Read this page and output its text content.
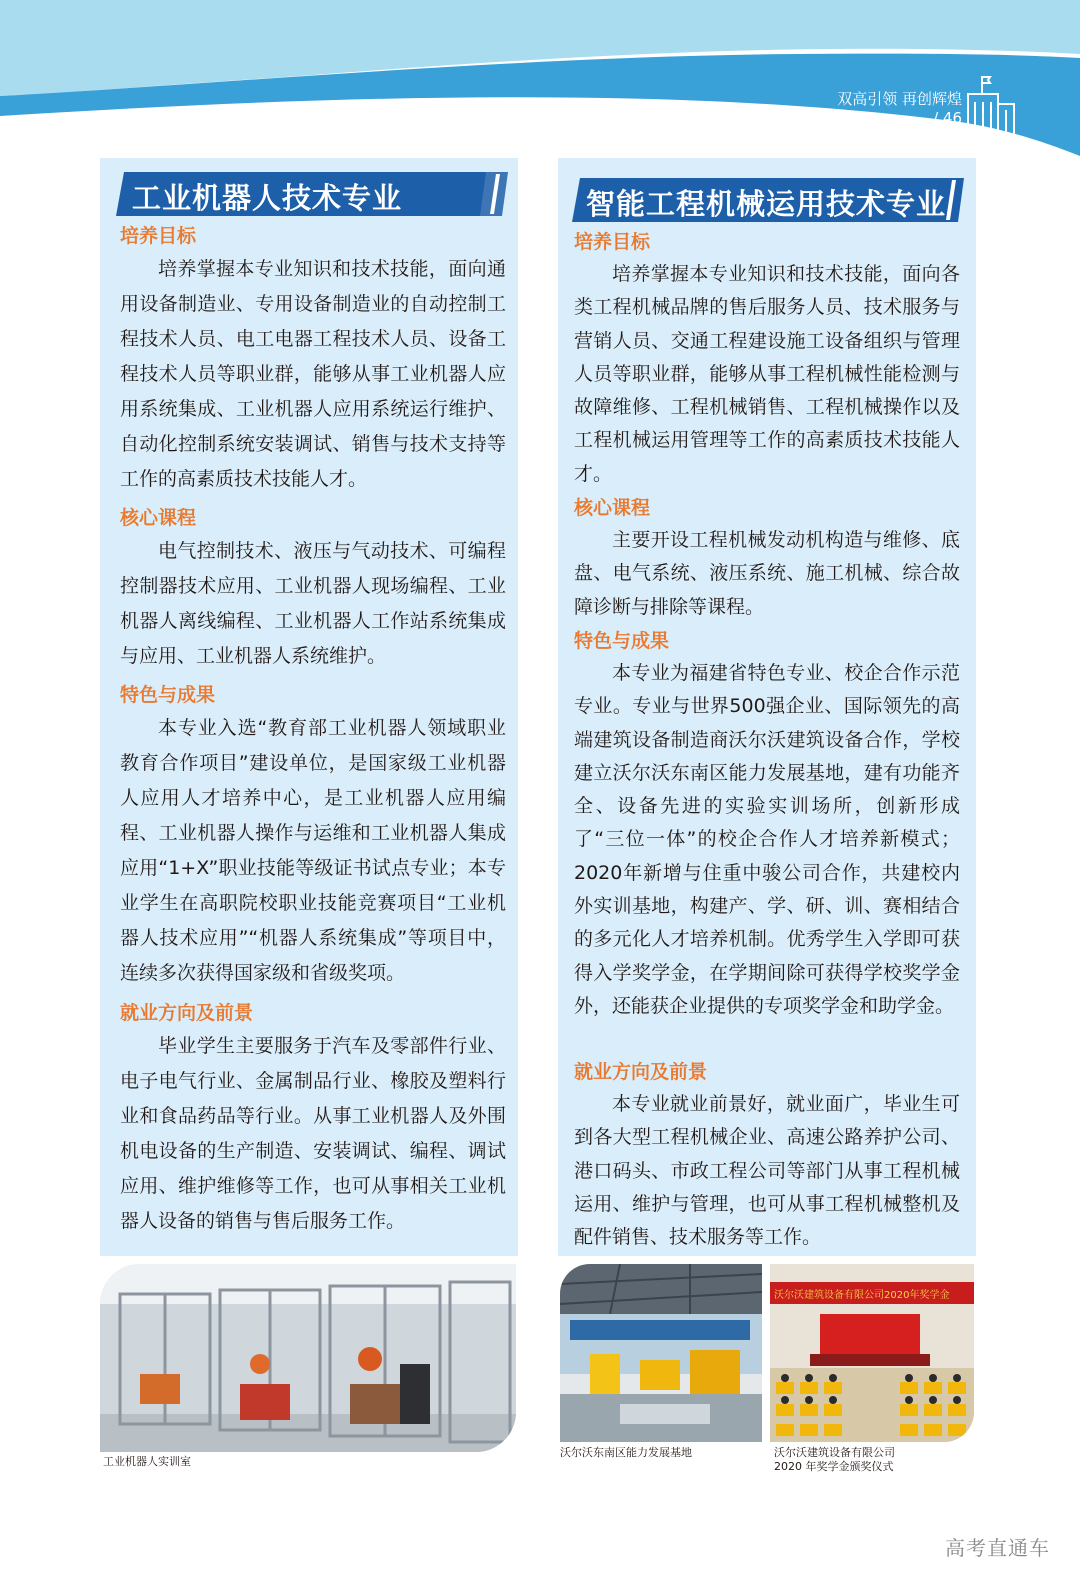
双高引领 再创辉煌
/ 46
工业机器人技术专业
培养目标

培养掌握本专业知识和技术技能，面向通用设备制造业、专用设备制造业的自动控制工程技术人员、电工电器工程技术人员、设备工程技术人员等职业群，能够从事工业机器人应用系统集成、工业机器人应用系统运行维护、自动化控制系统安装调试、销售与技术支持等工作的高素质技术技能人才。

核心课程

电气控制技术、液压与气动技术、可编程控制器技术应用、工业机器人现场编程、工业机器人离线编程、工业机器人工作站系统集成与应用、工业机器人系统维护。

特色与成果

本专业入选“教育部工业机器人领域职业教育合作项目”建设单位，是国家级工业机器人应用人才培养中心，是工业机器人应用编程、工业机器人操作与运维和工业机器人集成应用“1+X”职业技能等级证书试点专业；本专业学生在高职院校职业技能竞赛项目“工业机器人技术应用”“机器人系统集成”等项目中，连续多次获得国家级和省级奖项。

就业方向及前景

毕业学生主要服务于汽车及零部件行业、电子电气行业、金属制品行业、橡胶及塑料行业和食品药品等行业。从事工业机器人及外围机电设备的生产制造、安装调试、编程、调试应用、维护维修等工作，也可从事相关工业机器人设备的销售与售后服务工作。

智能工程机械运用技术专业
培养目标

培养掌握本专业知识和技术技能，面向各类工程机械品牌的售后服务人员、技术服务与营销人员、交通工程建设施工设备组织与管理人员等职业群，能够从事工程机械性能检测与故障维修、工程机械销售、工程机械操作以及工程机械运用管理等工作的高素质技术技能人才。

核心课程

主要开设工程机械发动机构造与维修、底盘、电气系统、液压系统、施工机械、综合故障诊断与排除等课程。

特色与成果

本专业为福建省特色专业、校企合作示范专业。专业与世界500强企业、国际领先的高端建筑设备制造商沃尔沃建筑设备合作，学校建立沃尔沃东南区能力发展基地，建有功能齐全、设备先进的实验实训场所，创新形成了“三位一体”的校企合作人才培养新模式；2020年新增与住重中骏公司合作，共建校内外实训基地，构建产、学、研、训、赛相结合的多元化人才培养机制。优秀学生入学即可获得入学奖学金，在学期间除可获得学校奖学金外，还能获企业提供的专项奖学金和助学金。

就业方向及前景

本专业就业前景好，就业面广，毕业生可到各大型工程机械企业、高速公路养护公司、港口码头、市政工程公司等部门从事工程机械运用、维护与管理，也可从事工程机械整机及配件销售、技术服务等工作。

工业机器人实训室
沃尔沃东南区能力发展基地
沃尔沃建筑设备有限公司2020年奖学金
沃尔沃建筑设备有限公司
2020 年奖学金颁奖仪式
高考直通车
